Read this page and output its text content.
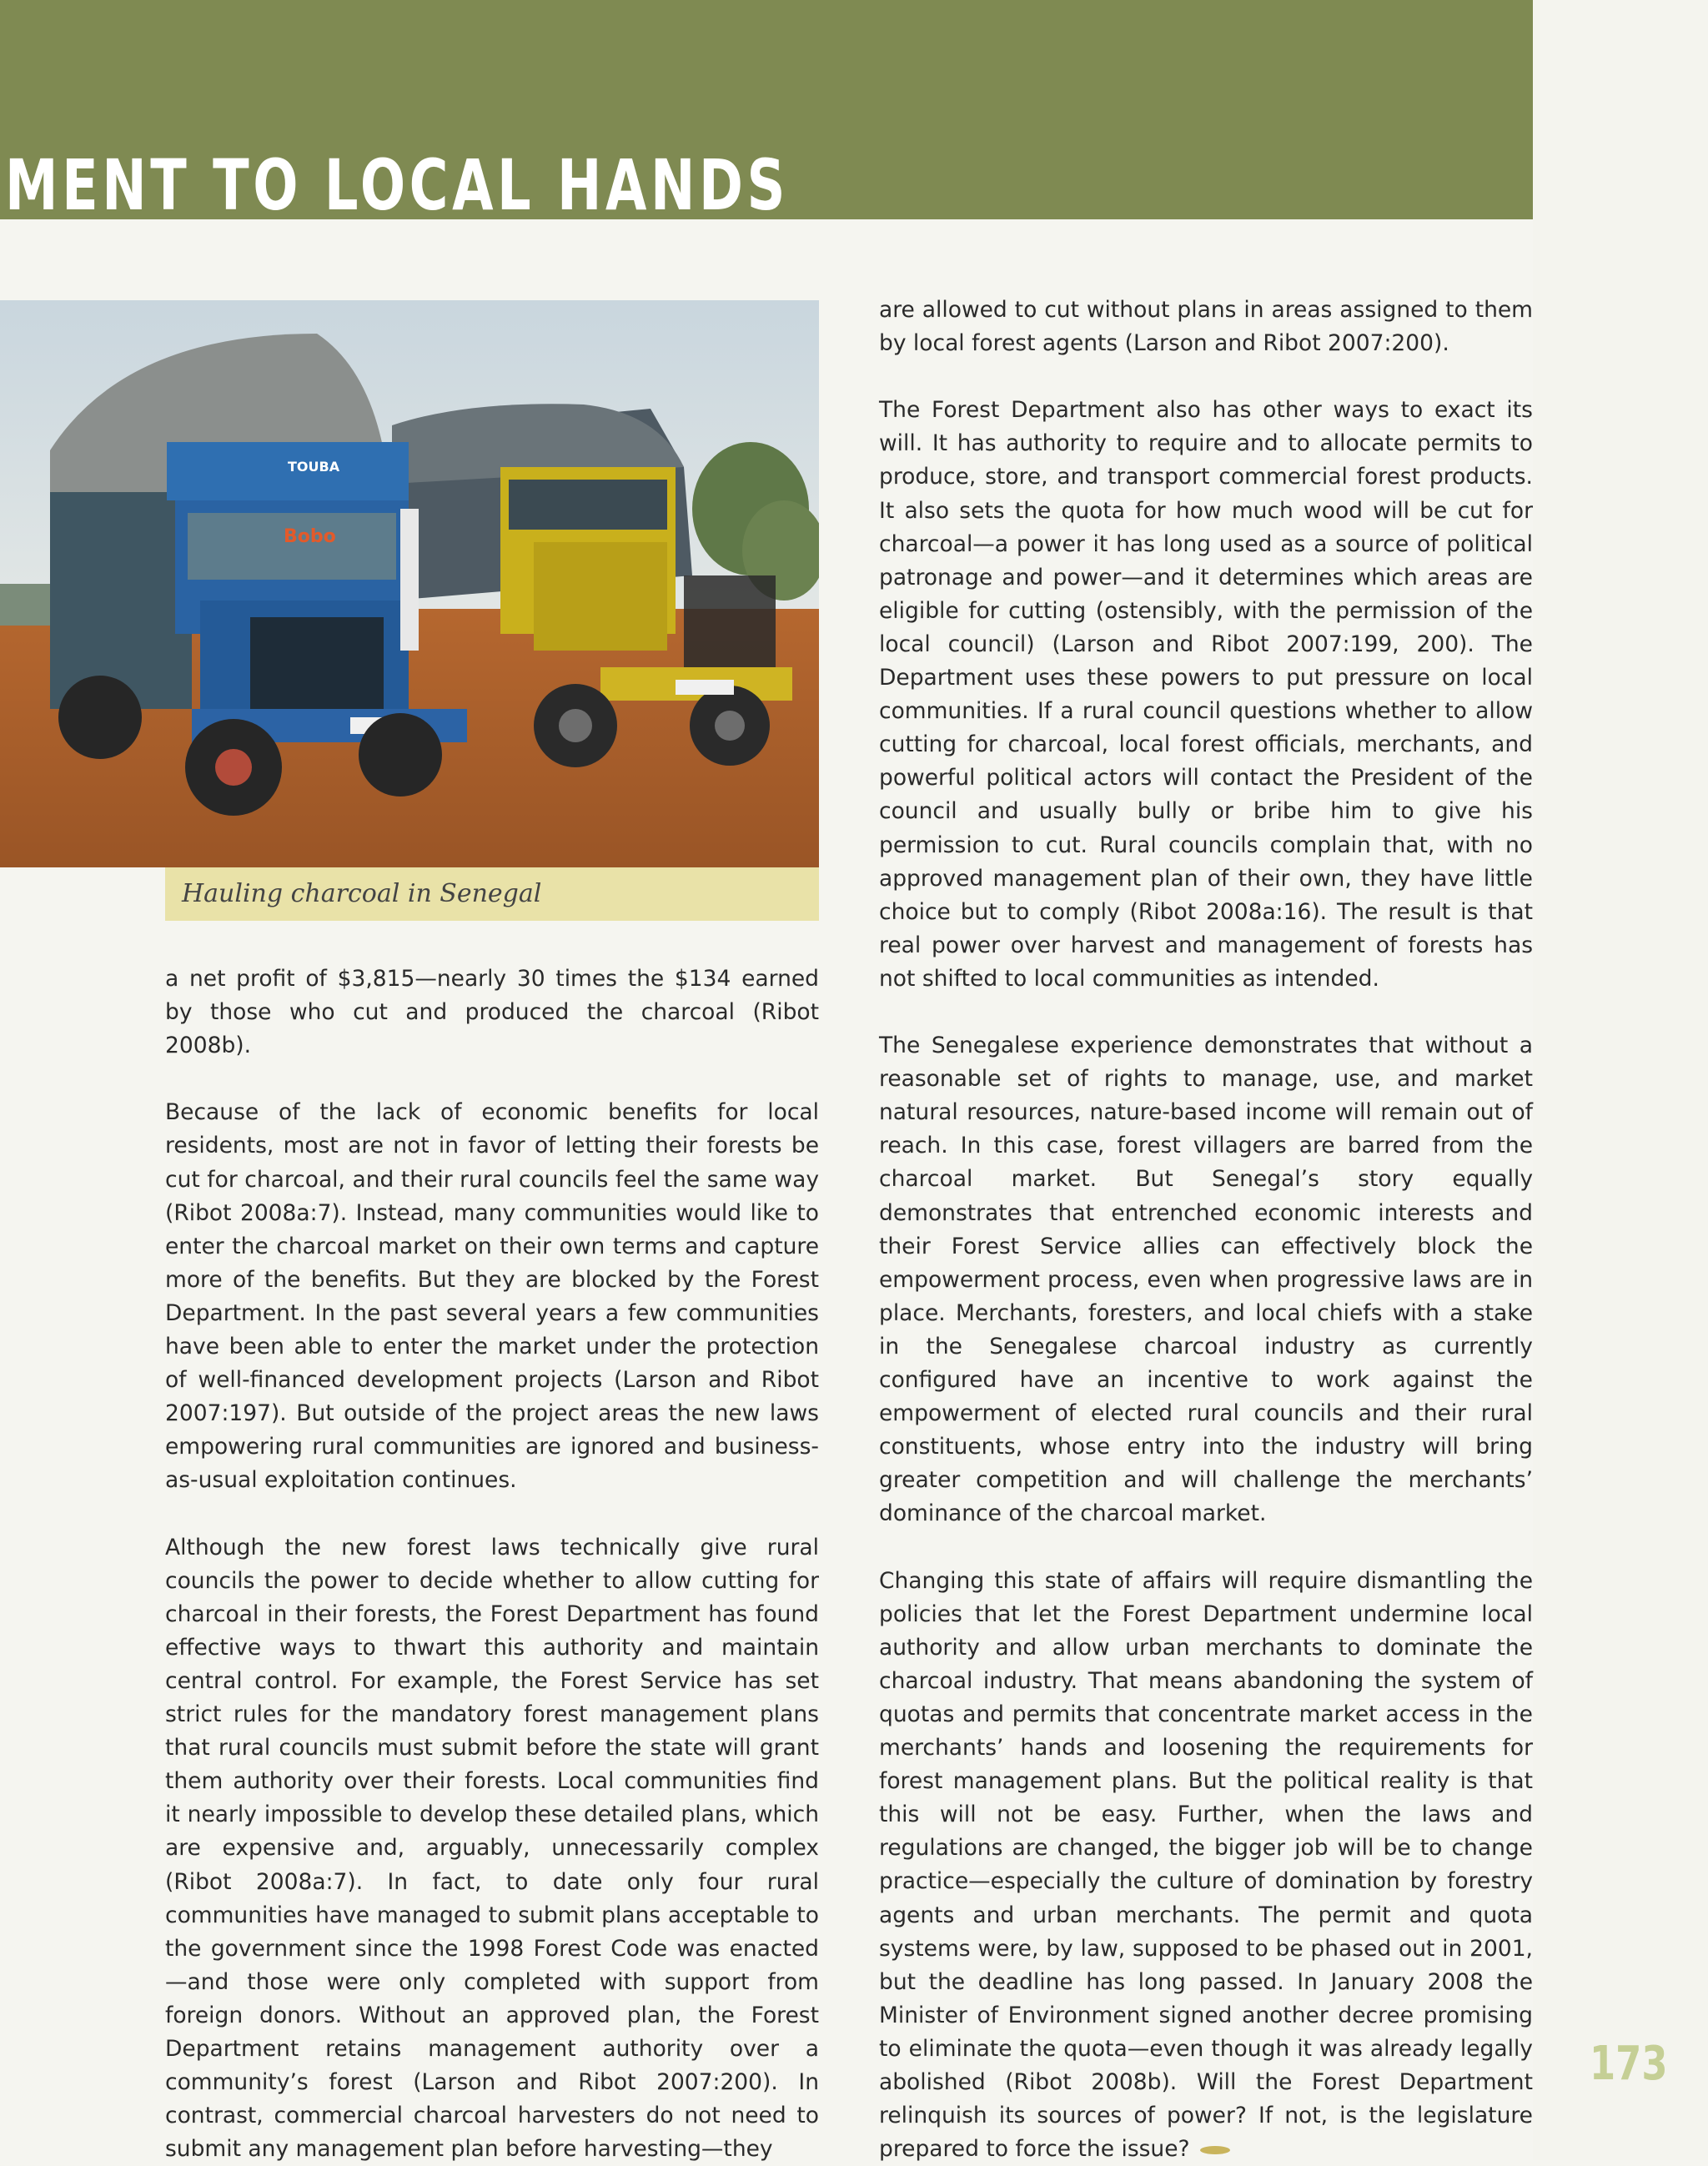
MENT TO LOCAL HANDS
TOUBA
Bobo
Hauling charcoal in Senegal

a net profit of $3,815—nearly 30 times the $134 earned by those who cut and produced the charcoal (Ribot 2008b).

Because of the lack of economic benefits for local residents, most are not in favor of letting their forests be cut for charcoal, and their rural councils feel the same way (Ribot 2008a:7). Instead, many communities would like to enter the charcoal market on their own terms and capture more of the benefits. But they are blocked by the Forest Department. In the past several years a few communities have been able to enter the market under the protection of well-financed development projects (Larson and Ribot 2007:197). But outside of the project areas the new laws empowering rural communities are ignored and business-as-usual exploitation continues.

Although the new forest laws technically give rural councils the power to decide whether to allow cutting for charcoal in their forests, the Forest Department has found effective ways to thwart this authority and maintain central control. For example, the Forest Service has set strict rules for the mandatory forest management plans that rural councils must submit before the state will grant them authority over their forests. Local communities find it nearly impossible to develop these detailed plans, which are expensive and, arguably, unnecessarily complex (Ribot 2008a:7). In fact, to date only four rural communities have managed to submit plans acceptable to the government since the 1998 Forest Code was enacted—and those were only completed with support from foreign donors. Without an approved plan, the Forest Department retains management authority over a community’s forest (Larson and Ribot 2007:200). In contrast, commercial charcoal harvesters do not need to submit any management plan before harvesting—they

are allowed to cut without plans in areas assigned to them by local forest agents (Larson and Ribot 2007:200).

The Forest Department also has other ways to exact its will. It has authority to require and to allocate permits to produce, store, and transport commercial forest products. It also sets the quota for how much wood will be cut for charcoal—a power it has long used as a source of political patronage and power—and it determines which areas are eligible for cutting (ostensibly, with the permission of the local council) (Larson and Ribot 2007:199, 200). The Department uses these powers to put pressure on local communities. If a rural council questions whether to allow cutting for charcoal, local forest officials, merchants, and powerful political actors will contact the President of the council and usually bully or bribe him to give his permission to cut. Rural councils complain that, with no approved management plan of their own, they have little choice but to comply (Ribot 2008a:16). The result is that real power over harvest and management of forests has not shifted to local communities as intended.

The Senegalese experience demonstrates that without a reasonable set of rights to manage, use, and market natural resources, nature-based income will remain out of reach. In this case, forest villagers are barred from the charcoal market. But Senegal’s story equally demonstrates that entrenched economic interests and their Forest Service allies can effectively block the empowerment process, even when progressive laws are in place. Merchants, foresters, and local chiefs with a stake in the Senegalese charcoal industry as currently configured have an incentive to work against the empowerment of elected rural councils and their rural constituents, whose entry into the industry will bring greater competition and will challenge the merchants’ dominance of the charcoal market.

Changing this state of affairs will require dismantling the policies that let the Forest Department undermine local authority and allow urban merchants to dominate the charcoal industry. That means abandoning the system of quotas and permits that concentrate market access in the merchants’ hands and loosening the requirements for forest management plans. But the political reality is that this will not be easy. Further, when the laws and regulations are changed, the bigger job will be to change practice—especially the culture of domination by forestry agents and urban merchants. The permit and quota systems were, by law, supposed to be phased out in 2001, but the deadline has long passed. In January 2008 the Minister of Environment signed another decree promising to eliminate the quota—even though it was already legally abolished (Ribot 2008b). Will the Forest Department relinquish its sources of power? If not, is the legislature prepared to force the issue?

173
